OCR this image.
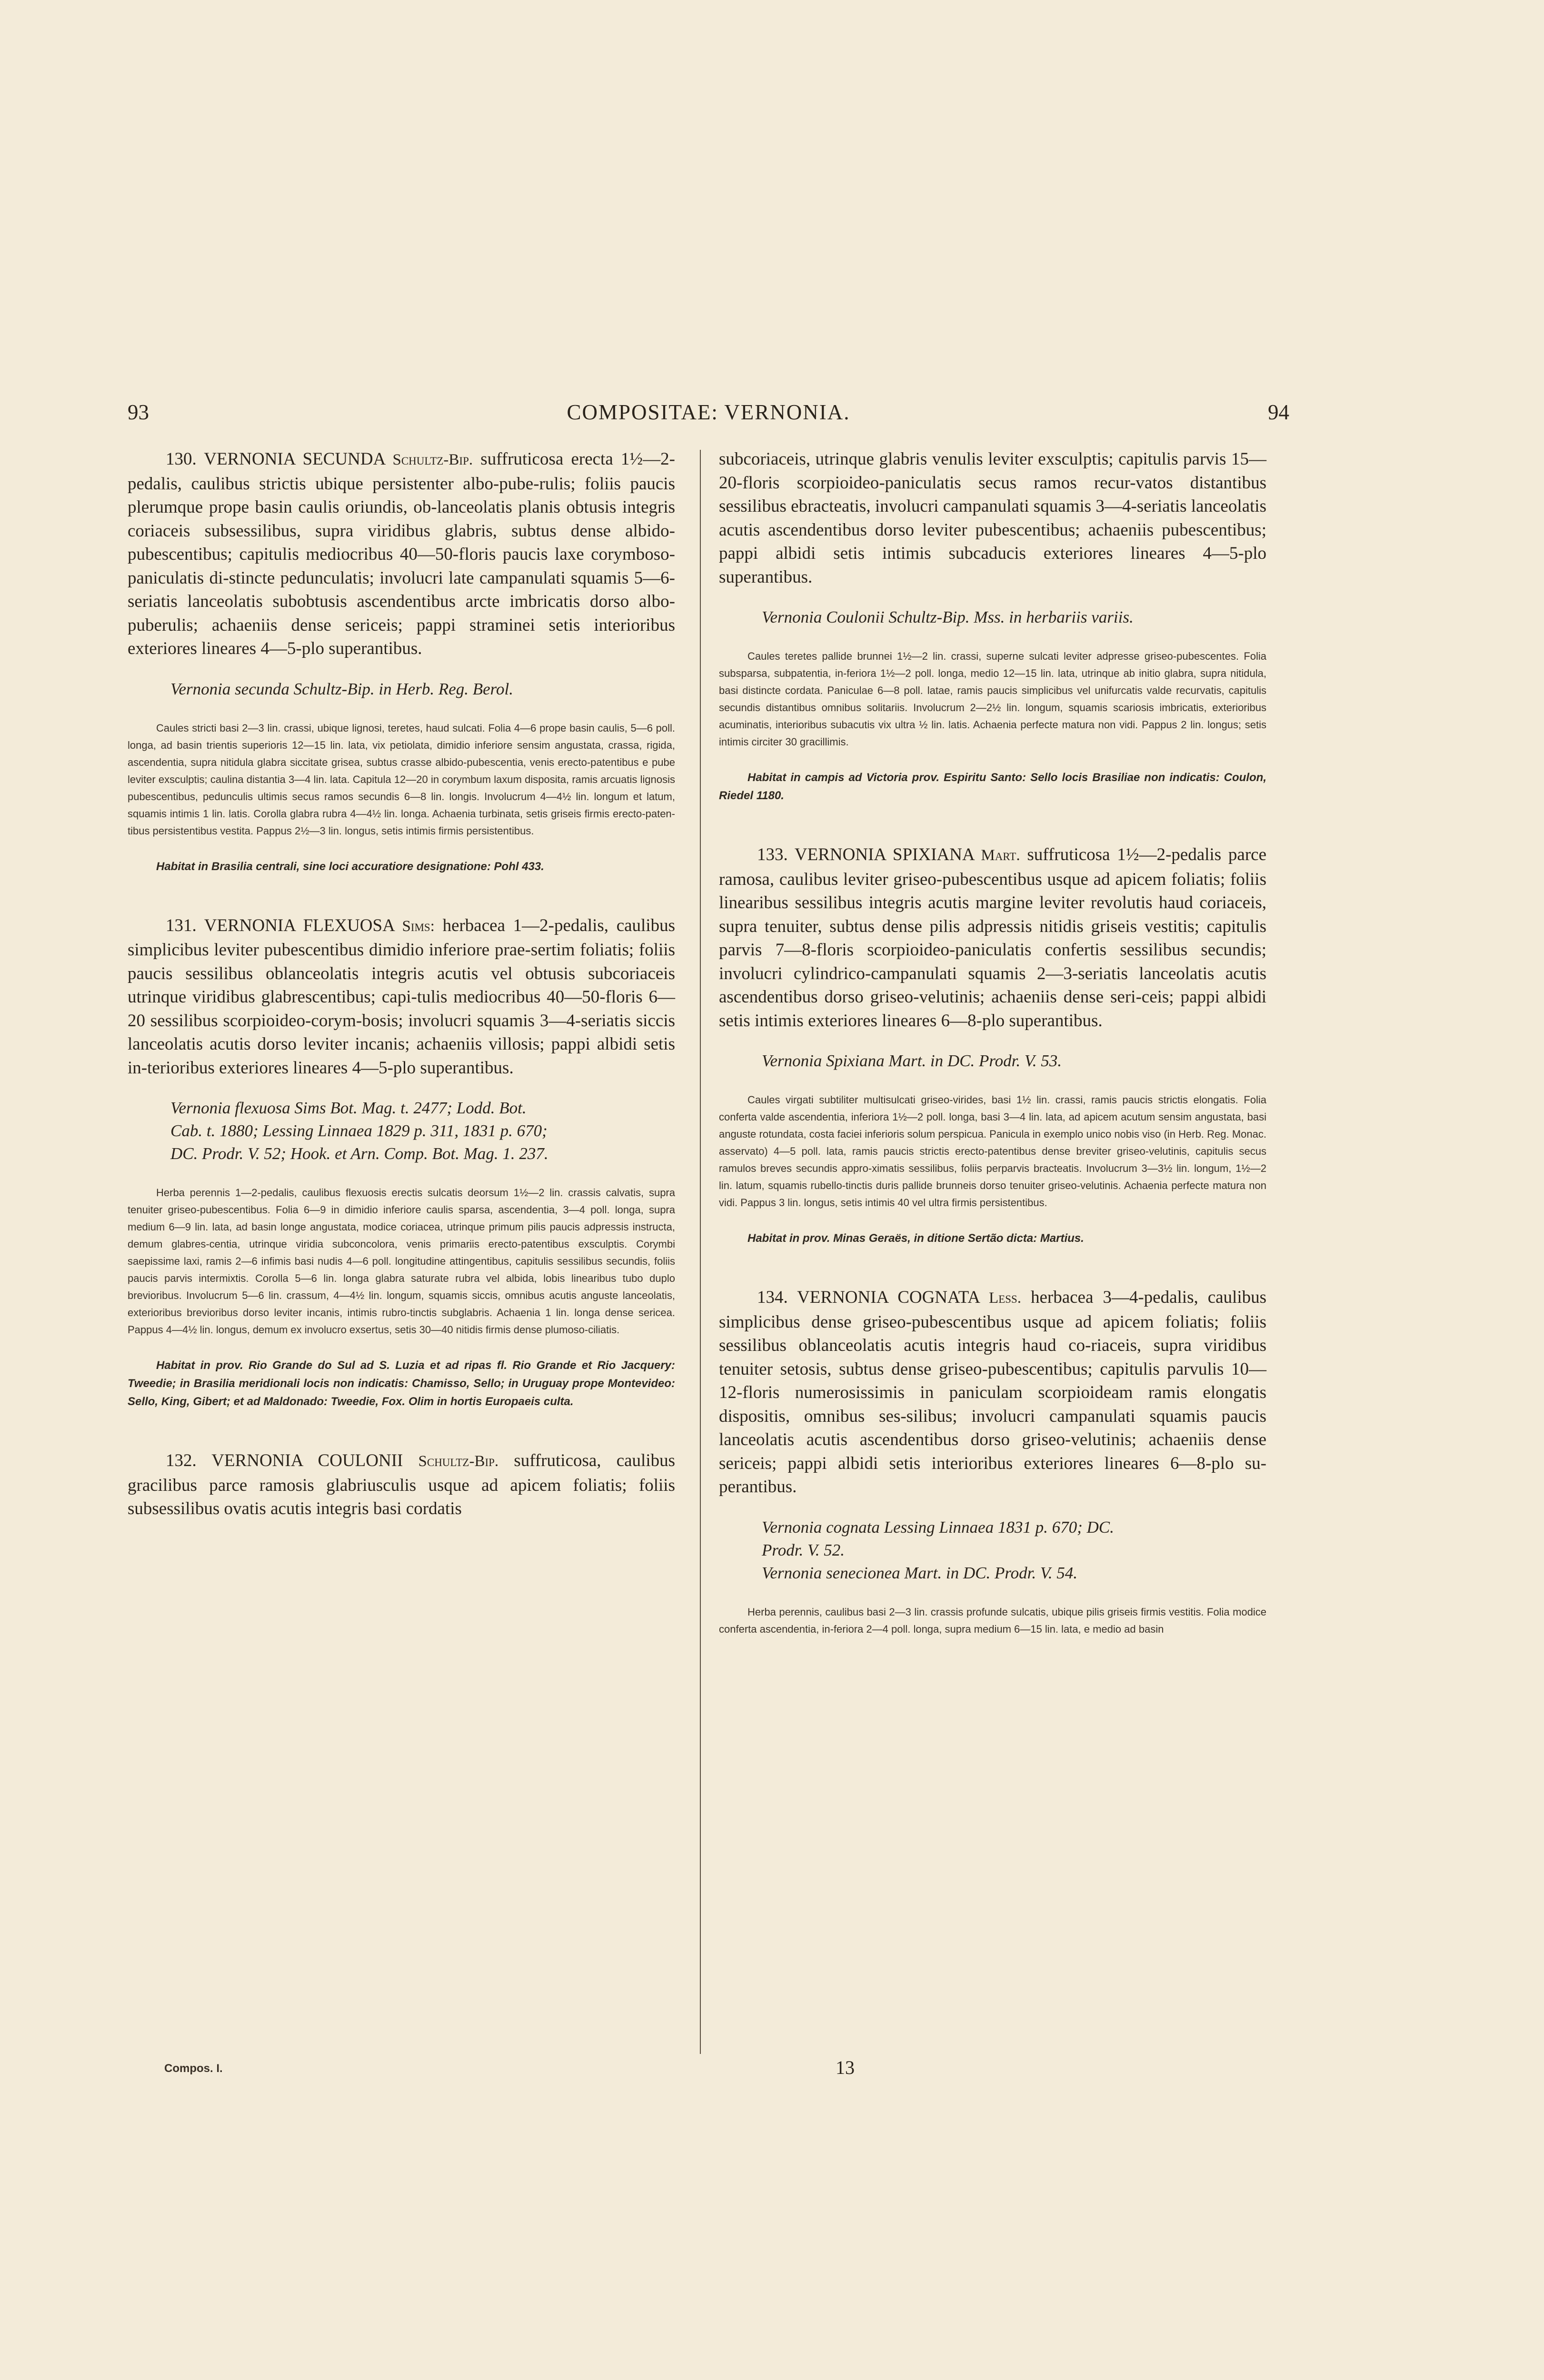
93	COMPOSITAE: VERNONIA.	94

130. VERNONIA SECUNDA Schultz-Bip. suffruticosa erecta 1½—2-pedalis, caulibus strictis ubique persistenter albo-pube-rulis; foliis paucis plerumque prope basin caulis oriundis, ob-lanceolatis planis obtusis integris coriaceis subsessilibus, supra viridibus glabris, subtus dense albido-pubescentibus; capitulis mediocribus 40—50-floris paucis laxe corymboso-paniculatis di-stincte pedunculatis; involucri late campanulati squamis 5—6-seriatis lanceolatis subobtusis ascendentibus arcte imbricatis dorso albo-puberulis; achaeniis dense sericeis; pappi straminei setis interioribus exteriores lineares 4—5-plo superantibus.

Vernonia secunda Schultz-Bip. in Herb. Reg. Berol.

Caules stricti basi 2—3 lin. crassi, ubique lignosi, teretes, haud sulcati. Folia 4—6 prope basin caulis, 5—6 poll. longa, ad basin trientis superioris 12—15 lin. lata, vix petiolata, dimidio inferiore sensim angustata, crassa, rigida, ascendentia, supra nitidula glabra siccitate grisea, subtus crasse albido-pubescentia, venis erecto-patentibus e pube leviter exsculptis; caulina distantia 3—4 lin. lata. Capitula 12—20 in corymbum laxum disposita, ramis arcuatis lignosis pubescentibus, pedunculis ultimis secus ramos secundis 6—8 lin. longis. Involucrum 4—4½ lin. longum et latum, squamis intimis 1 lin. latis. Corolla glabra rubra 4—4½ lin. longa. Achaenia turbinata, setis griseis firmis erecto-paten-tibus persistentibus vestita. Pappus 2½—3 lin. longus, setis intimis firmis persistentibus.

Habitat in Brasilia centrali, sine loci accuratiore designatione: Pohl 433.

131. VERNONIA FLEXUOSA Sims: herbacea 1—2-pedalis, caulibus simplicibus leviter pubescentibus dimidio inferiore prae-sertim foliatis; foliis paucis sessilibus oblanceolatis integris acutis vel obtusis subcoriaceis utrinque viridibus glabrescentibus; capi-tulis mediocribus 40—50-floris 6—20 sessilibus scorpioideo-corym-bosis; involucri squamis 3—4-seriatis siccis lanceolatis acutis dorso leviter incanis; achaeniis villosis; pappi albidi setis in-terioribus exteriores lineares 4—5-plo superantibus.

Vernonia flexuosa Sims Bot. Mag. t. 2477; Lodd. Bot.
Cab. t. 1880; Lessing Linnaea 1829 p. 311, 1831 p. 670;
DC. Prodr. V. 52; Hook. et Arn. Comp. Bot. Mag. 1. 237.

Herba perennis 1—2-pedalis, caulibus flexuosis erectis sulcatis deorsum 1½—2 lin. crassis calvatis, supra tenuiter griseo-pubescentibus. Folia 6—9 in dimidio inferiore caulis sparsa, ascendentia, 3—4 poll. longa, supra medium 6—9 lin. lata, ad basin longe angustata, modice coriacea, utrinque primum pilis paucis adpressis instructa, demum glabres-centia, utrinque viridia subconcolora, venis primariis erecto-patentibus exsculptis. Corymbi saepissime laxi, ramis 2—6 infimis basi nudis 4—6 poll. longitudine attingentibus, capitulis sessilibus secundis, foliis paucis parvis intermixtis. Corolla 5—6 lin. longa glabra saturate rubra vel albida, lobis linearibus tubo duplo brevioribus. Involucrum 5—6 lin. crassum, 4—4½ lin. longum, squamis siccis, omnibus acutis anguste lanceolatis, exterioribus brevioribus dorso leviter incanis, intimis rubro-tinctis subglabris. Achaenia 1 lin. longa dense sericea. Pappus 4—4½ lin. longus, demum ex involucro exsertus, setis 30—40 nitidis firmis dense plumoso-ciliatis.

Habitat in prov. Rio Grande do Sul ad S. Luzia et ad ripas fl. Rio Grande et Rio Jacquery: Tweedie; in Brasilia meridionali locis non indicatis: Chamisso, Sello; in Uruguay prope Montevideo: Sello, King, Gibert; et ad Maldonado: Tweedie, Fox. Olim in hortis Europaeis culta.

132. VERNONIA COULONII Schultz-Bip. suffruticosa, caulibus gracilibus parce ramosis glabriusculis usque ad apicem foliatis; foliis subsessilibus ovatis acutis integris basi cordatis

subcoriaceis, utrinque glabris venulis leviter exsculptis; capitulis parvis 15—20-floris scorpioideo-paniculatis secus ramos recur-vatos distantibus sessilibus ebracteatis, involucri campanulati squamis 3—4-seriatis lanceolatis acutis ascendentibus dorso leviter pubescentibus; achaeniis pubescentibus; pappi albidi setis intimis subcaducis exteriores lineares 4—5-plo superantibus.

Vernonia Coulonii Schultz-Bip. Mss. in herbariis variis.

Caules teretes pallide brunnei 1½—2 lin. crassi, superne sulcati leviter adpresse griseo-pubescentes. Folia subsparsa, subpatentia, in-feriora 1½—2 poll. longa, medio 12—15 lin. lata, utrinque ab initio glabra, supra nitidula, basi distincte cordata. Paniculae 6—8 poll. latae, ramis paucis simplicibus vel unifurcatis valde recurvatis, capitulis secundis distantibus omnibus solitariis. Involucrum 2—2½ lin. longum, squamis scariosis imbricatis, exterioribus acuminatis, interioribus subacutis vix ultra ½ lin. latis. Achaenia perfecte matura non vidi. Pappus 2 lin. longus; setis intimis circiter 30 gracillimis.

Habitat in campis ad Victoria prov. Espiritu Santo: Sello locis Brasiliae non indicatis: Coulon, Riedel 1180.

133. VERNONIA SPIXIANA Mart. suffruticosa 1½—2-pedalis parce ramosa, caulibus leviter griseo-pubescentibus usque ad apicem foliatis; foliis linearibus sessilibus integris acutis margine leviter revolutis haud coriaceis, supra tenuiter, subtus dense pilis adpressis nitidis griseis vestitis; capitulis parvis 7—8-floris scorpioideo-paniculatis confertis sessilibus secundis; involucri cylindrico-campanulati squamis 2—3-seriatis lanceolatis acutis ascendentibus dorso griseo-velutinis; achaeniis dense seri-ceis; pappi albidi setis intimis exteriores lineares 6—8-plo superantibus.

Vernonia Spixiana Mart. in DC. Prodr. V. 53.

Caules virgati subtiliter multisulcati griseo-virides, basi 1½ lin. crassi, ramis paucis strictis elongatis. Folia conferta valde ascendentia, inferiora 1½—2 poll. longa, basi 3—4 lin. lata, ad apicem acutum sensim angustata, basi anguste rotundata, costa faciei inferioris solum perspicua. Panicula in exemplo unico nobis viso (in Herb. Reg. Monac. asservato) 4—5 poll. lata, ramis paucis strictis erecto-patentibus dense breviter griseo-velutinis, capitulis secus ramulos breves secundis appro-ximatis sessilibus, foliis perparvis bracteatis. Involucrum 3—3½ lin. longum, 1½—2 lin. latum, squamis rubello-tinctis duris pallide brunneis dorso tenuiter griseo-velutinis. Achaenia perfecte matura non vidi. Pappus 3 lin. longus, setis intimis 40 vel ultra firmis persistentibus.

Habitat in prov. Minas Geraës, in ditione Sertão dicta: Martius.

134. VERNONIA COGNATA Less. herbacea 3—4-pedalis, caulibus simplicibus dense griseo-pubescentibus usque ad apicem foliatis; foliis sessilibus oblanceolatis acutis integris haud co-riaceis, supra viridibus tenuiter setosis, subtus dense griseo-pubescentibus; capitulis parvulis 10—12-floris numerosissimis in paniculam scorpioideam ramis elongatis dispositis, omnibus ses-silibus; involucri campanulati squamis paucis lanceolatis acutis ascendentibus dorso griseo-velutinis; achaeniis dense sericeis; pappi albidi setis interioribus exteriores lineares 6—8-plo su-perantibus.

Vernonia cognata Lessing Linnaea 1831 p. 670; DC.
Prodr. V. 52.
Vernonia senecionea Mart. in DC. Prodr. V. 54.

Herba perennis, caulibus basi 2—3 lin. crassis profunde sulcatis, ubique pilis griseis firmis vestitis. Folia modice conferta ascendentia, in-feriora 2—4 poll. longa, supra medium 6—15 lin. lata, e medio ad basin

Compos. I.	13
